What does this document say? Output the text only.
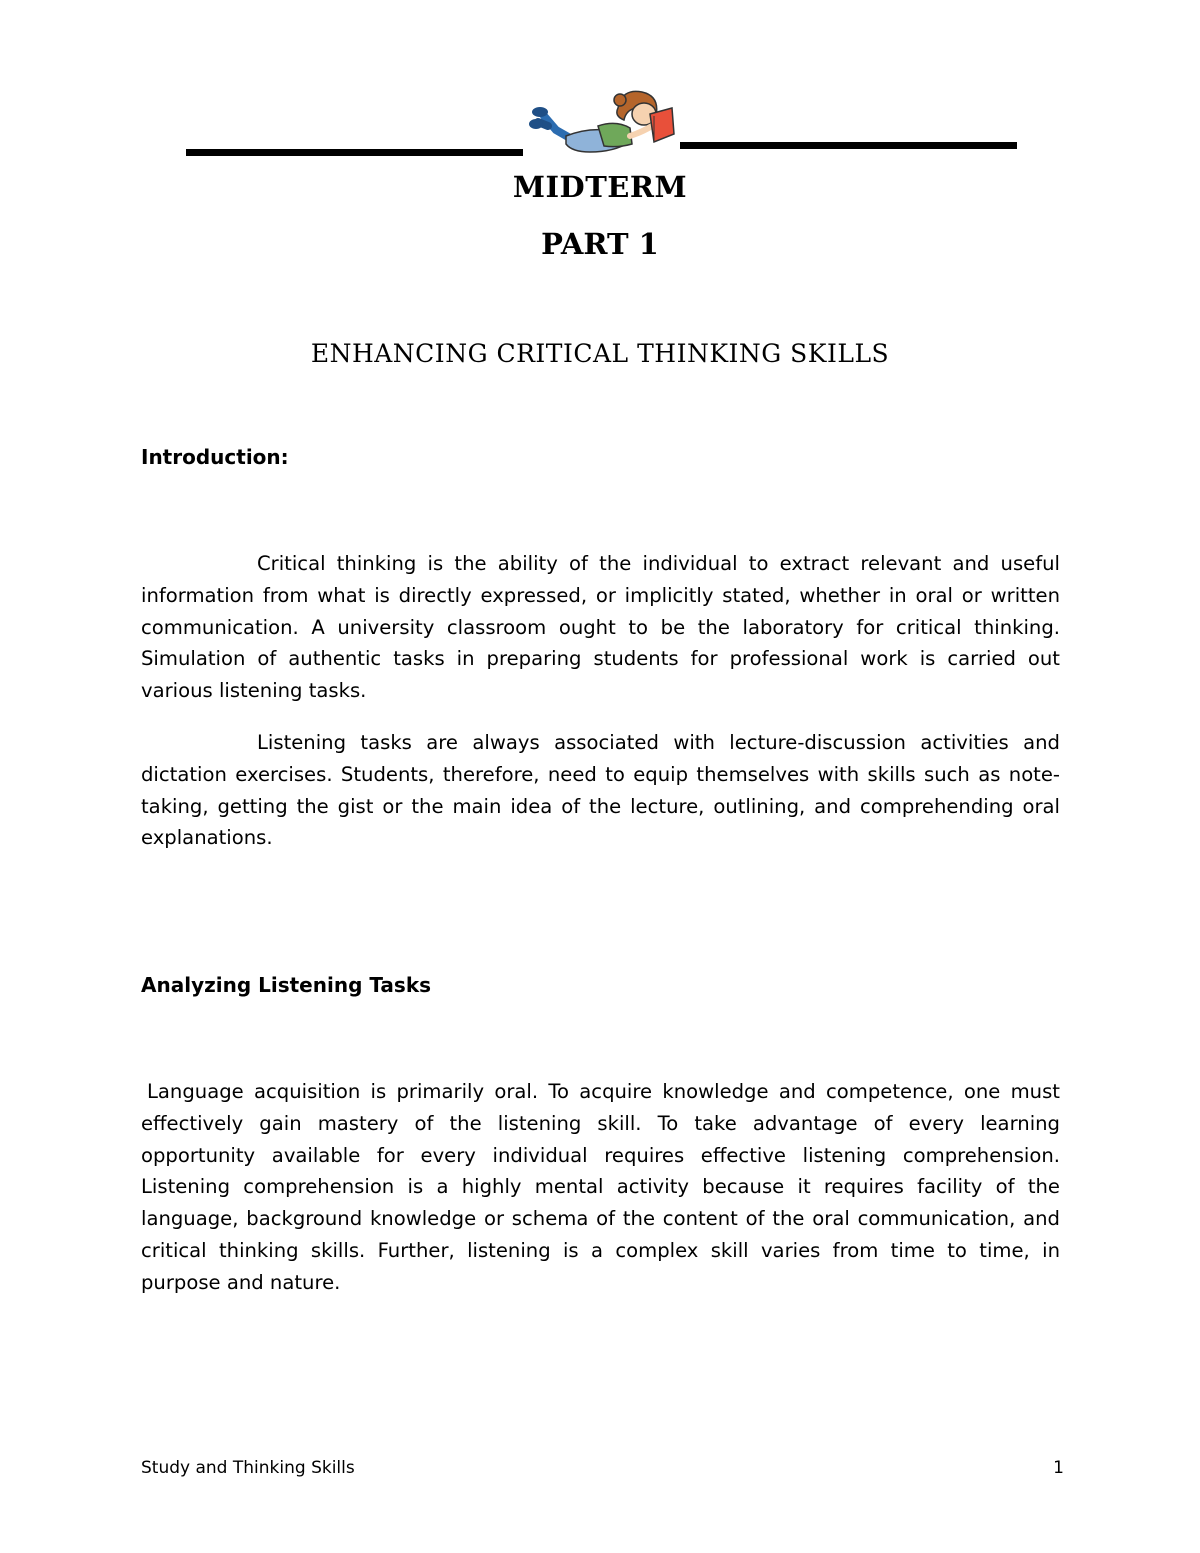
MIDTERM
PART 1
ENHANCING CRITICAL THINKING SKILLS
Introduction:

Critical thinking is the ability of the individual to extract relevant and useful information from what is directly expressed, or implicitly stated, whether in oral or written communication. A university classroom ought to be the laboratory for critical thinking. Simulation of authentic tasks in preparing students for professional work is carried out various listening tasks.

Listening tasks are always associated with lecture-discussion activities and dictation exercises. Students, therefore, need to equip themselves with skills such as note-taking, getting the gist or the main idea of the lecture, outlining, and comprehending oral explanations.

Analyzing Listening Tasks

Language acquisition is primarily oral. To acquire knowledge and competence, one must effectively gain mastery of the listening skill. To take advantage of every learning opportunity available for every individual requires effective listening comprehension. Listening comprehension is a highly mental activity because it requires facility of the language, background knowledge or schema of the content of the oral communication, and critical thinking skills. Further, listening is a complex skill varies from time to time, in purpose and nature.

Study and Thinking Skills	1
